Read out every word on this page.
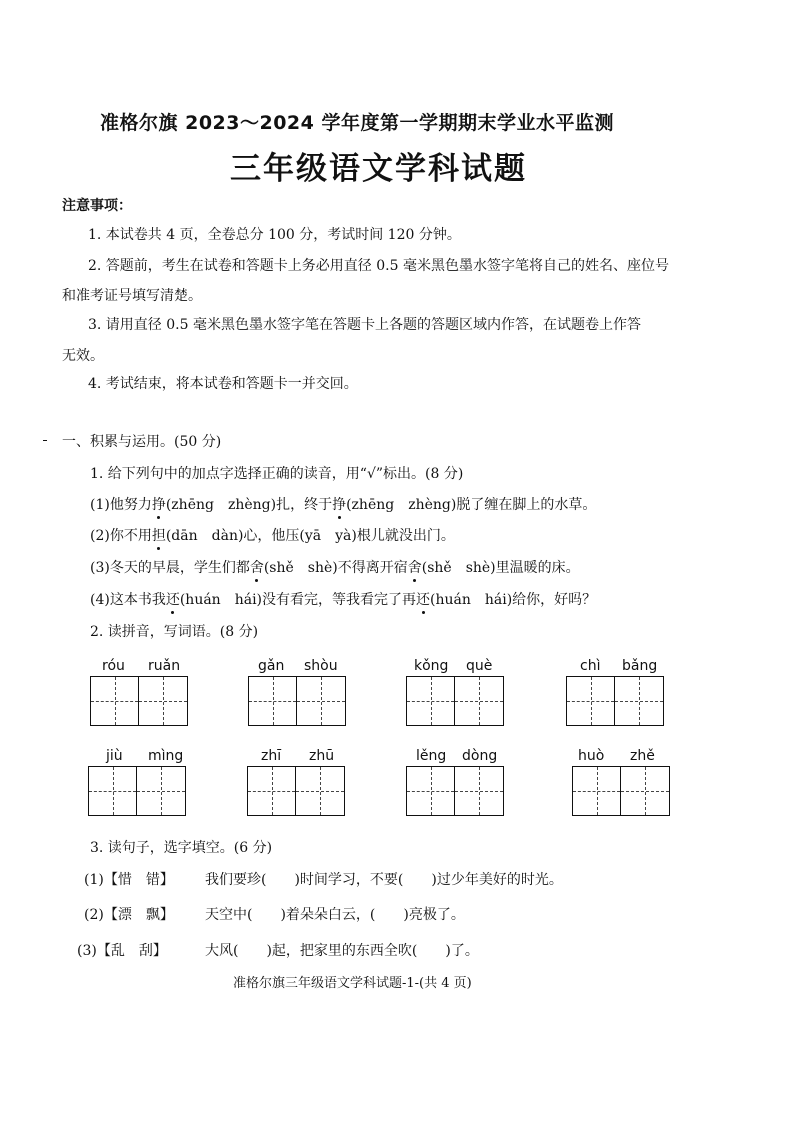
准格尔旗 2023～2024 学年度第一学期期末学业水平监测
三年级语文学科试题
注意事项：
1. 本试卷共 4 页，全卷总分 100 分，考试时间 120 分钟。
2. 答题前，考生在试卷和答题卡上务必用直径 0.5 毫米黑色墨水签字笔将自己的姓名、座位号
和准考证号填写清楚。
3. 请用直径 0.5 毫米黑色墨水签字笔在答题卡上各题的答题区域内作答，在试题卷上作答
无效。
4. 考试结束，将本试卷和答题卡一并交回。
一、积累与运用。(50 分)
1. 给下列句中的加点字选择正确的读音，用“√”标出。(8 分)
(1)他努力挣(zhēng　zhèng)扎，终于挣(zhēng　zhèng)脱了缠在脚上的水草。
(2)你不用担(dān　dàn)心，他压(yā　yà)根儿就没出门。
(3)冬天的早晨，学生们都舍(shě　shè)不得离开宿舍(shě　shè)里温暖的床。
(4)这本书我还(huán　hái)没有看完，等我看完了再还(huán　hái)给你，好吗？
2. 读拼音，写词语。(8 分)
róu ruǎn	gǎn shòu	kǒng què	chì bǎng
jiù mìng	zhī zhū	lěng dòng	huò zhě
3. 读句子，选字填空。(6 分)
(1)【惜　错】 我们要珍(　　)时间学习，不要(　　)过少年美好的时光。
(2)【漂　飘】 天空中(　　)着朵朵白云，(　　)亮极了。
(3)【乱　刮】	大风(　　)起，把家里的东西全吹(　　)了。
准格尔旗三年级语文学科试题-1-(共 4 页)
